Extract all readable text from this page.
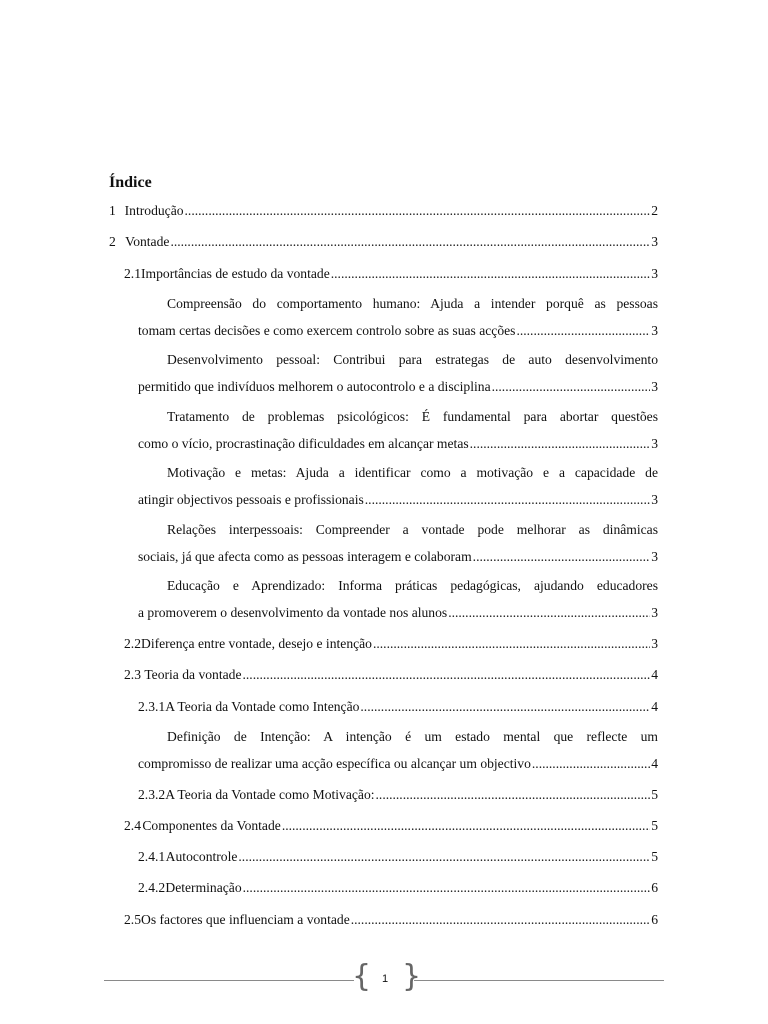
Índice
1 Introdução .....	2
2 Vontade .....	3
2.1 Importâncias de estudo da vontade .....	3
Compreensão do comportamento humano: Ajuda a intender porquê as pessoas
tomam certas decisões e como exercem controlo sobre as suas acções .....	3
Desenvolvimento pessoal: Contribui para estrategas de auto desenvolvimento
permitido que indivíduos melhorem o autocontrolo e a disciplina .....	3
Tratamento de problemas psicológicos: É fundamental para abortar questões
como o vício, procrastinação dificuldades em alcançar metas .....	3
Motivação e metas: Ajuda a identificar como a motivação e a capacidade de
atingir objectivos pessoais e profissionais .....	3
Relações interpessoais: Compreender a vontade pode melhorar as dinâmicas
sociais, já que afecta como as pessoas interagem e colaboram .....	3
Educação e Aprendizado: Informa práticas pedagógicas, ajudando educadores
a promoverem o desenvolvimento da vontade nos alunos .....	3
2.2 Diferença entre vontade, desejo e intenção .....	3
2.3 Teoria da vontade .....	4
2.3.1 A Teoria da Vontade como Intenção .....	4
Definição de Intenção: A intenção é um estado mental que reflecte um
compromisso de realizar uma acção específica ou alcançar um objectivo .....	4
2.3.2 A Teoria da Vontade como Motivação: .....	5
2.4 Componentes da Vontade .....	5
2.4.1 Autocontrole .....	5
2.4.2 Determinação .....	6
2.5 Os factores que influenciam a vontade .....	6
{ }
1
